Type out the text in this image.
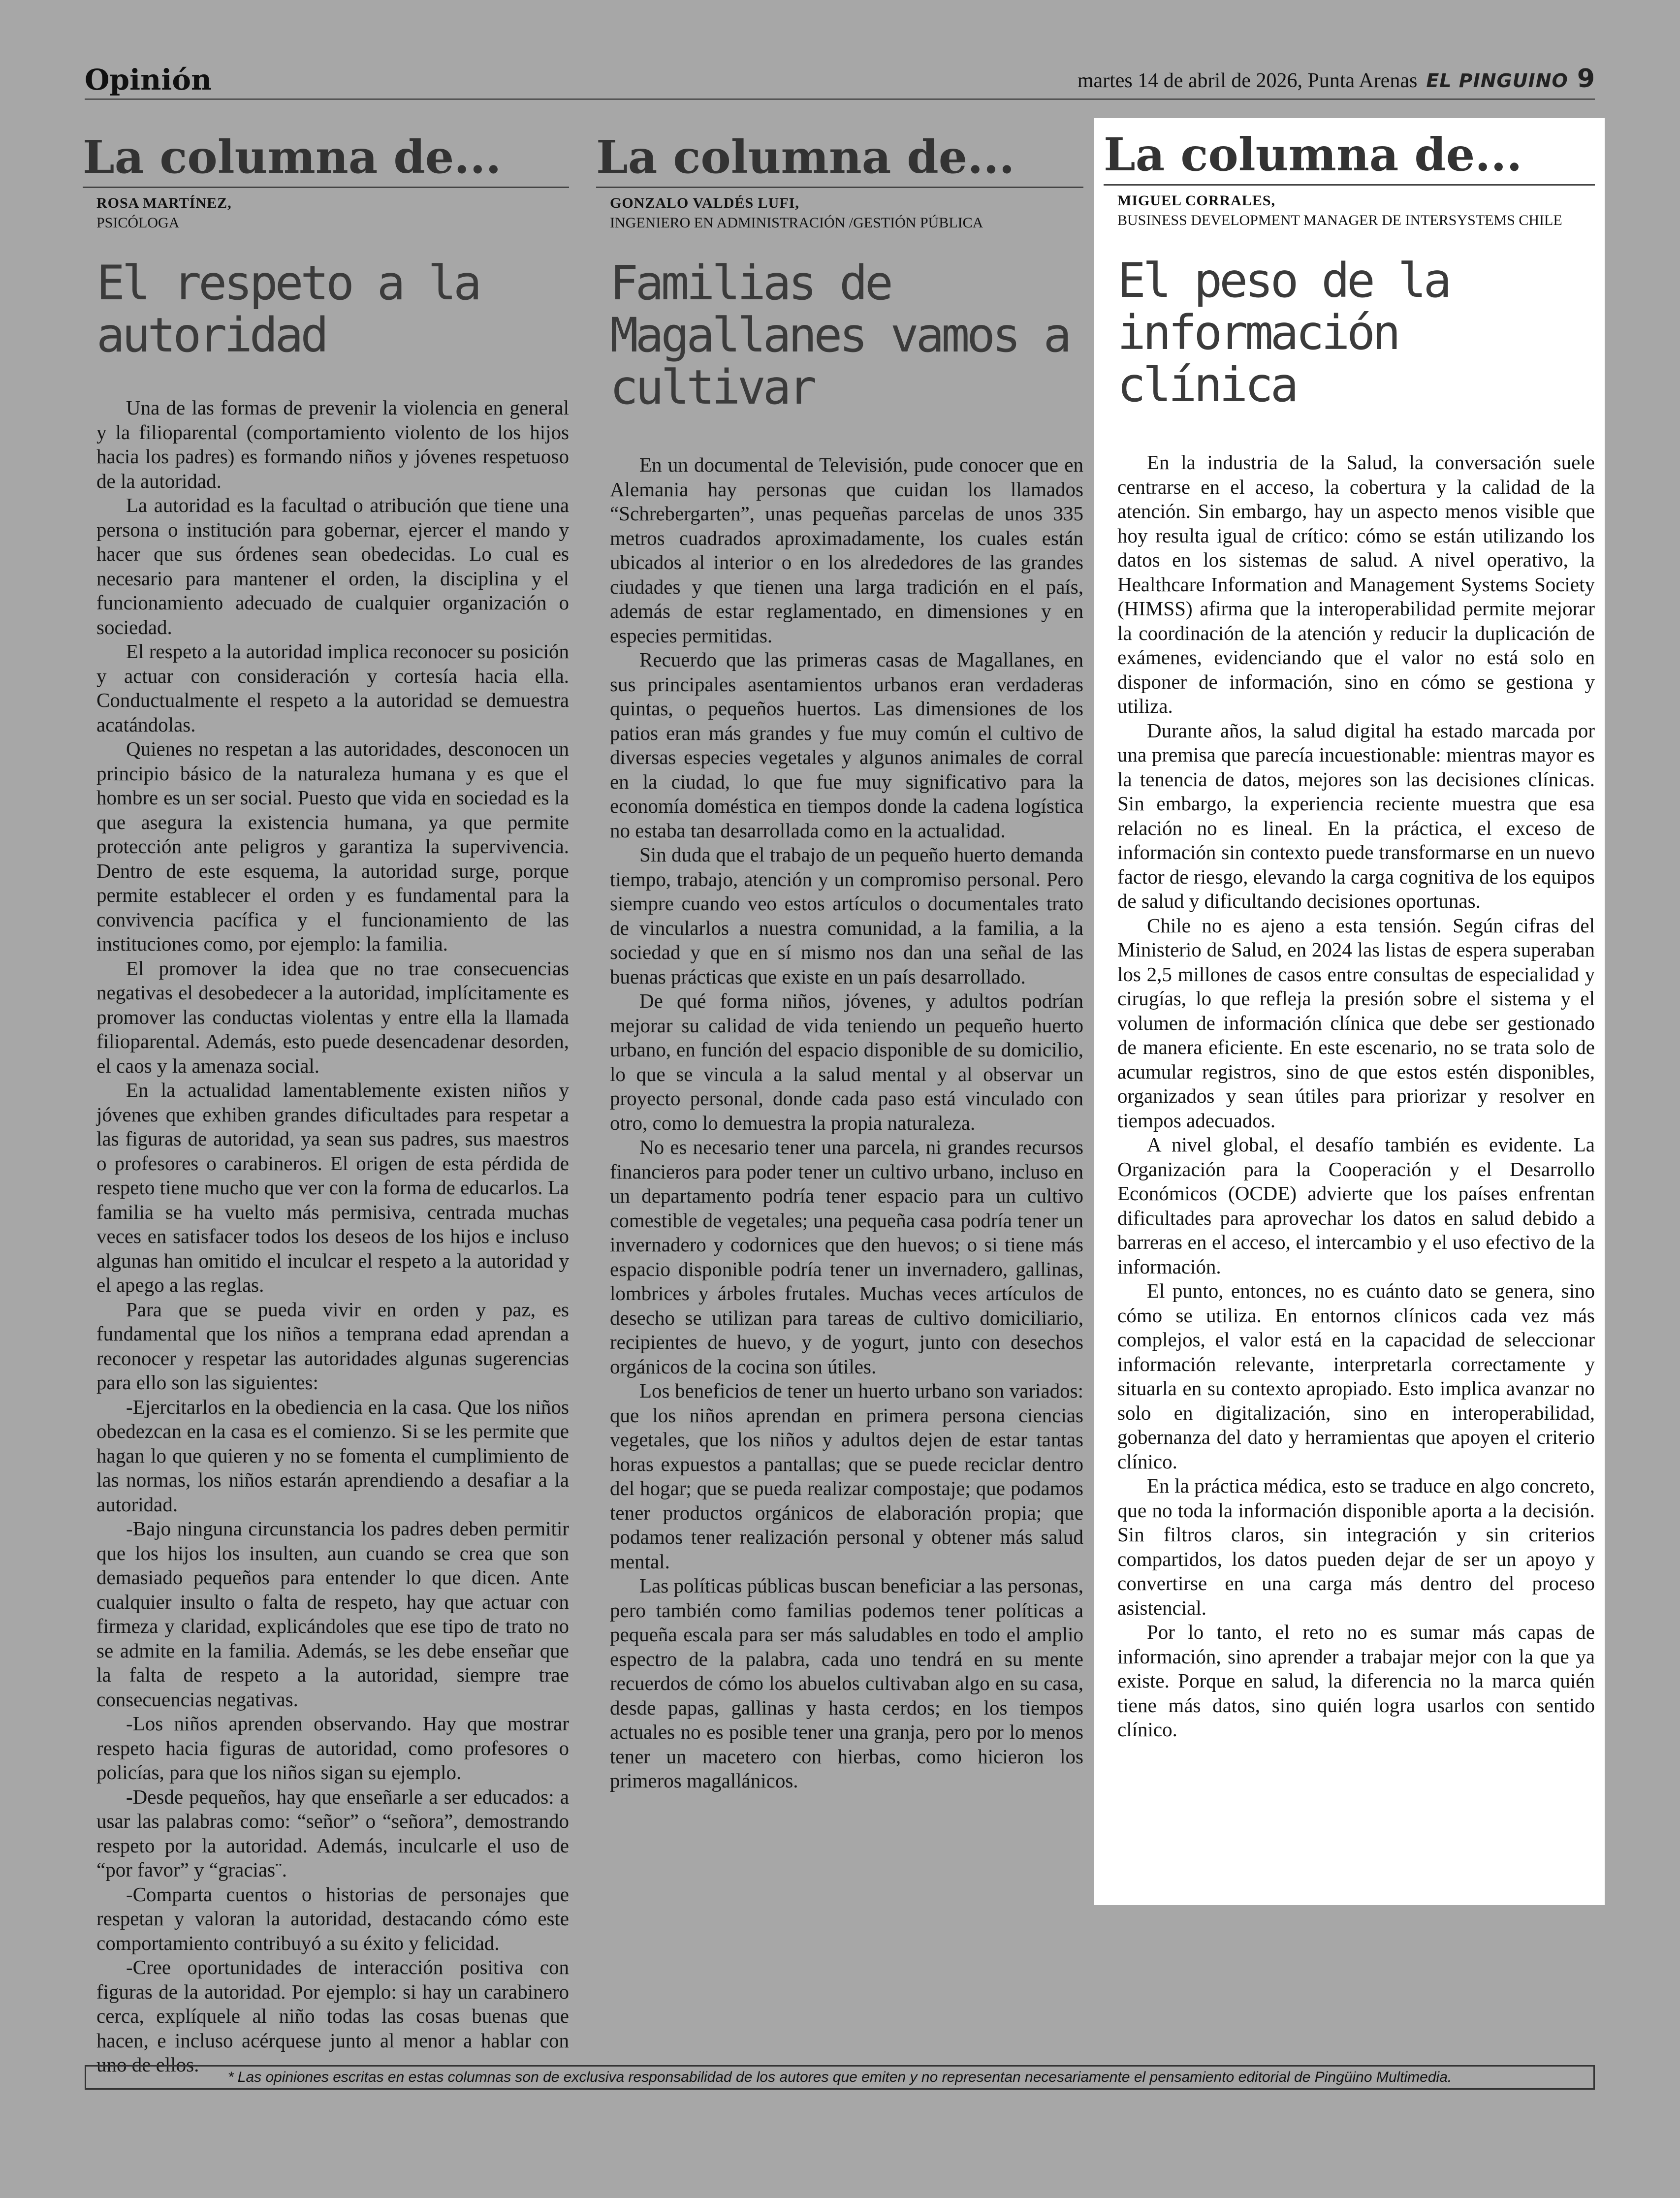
Opinión	martes 14 de abril de 2026, Punta Arenas EL PINGUINO 9
La columna de...
ROSA MARTÍNEZ,
PSICÓLOGA
El respeto a la autoridad

Una de las formas de prevenir la violencia en general y la filioparental (comportamiento violento de los hijos hacia los padres) es formando niños y jóvenes respetuoso de la autoridad.

La autoridad es la facultad o atribución que tiene una persona o institución para gobernar, ejercer el mando y hacer que sus órdenes sean obedecidas. Lo cual es necesario para mantener el orden, la disciplina y el funcionamiento adecuado de cualquier organización o sociedad.

El respeto a la autoridad implica reconocer su posición y actuar con consideración y cortesía hacia ella. Conductualmente el respeto a la autoridad se demuestra acatándolas.

Quienes no respetan a las autoridades, desconocen un principio básico de la naturaleza humana y es que el hombre es un ser social. Puesto que vida en sociedad es la que asegura la existencia humana, ya que permite protección ante peligros y garantiza la supervivencia. Dentro de este esquema, la autoridad surge, porque permite establecer el orden y es fundamental para la convivencia pacífica y el funcionamiento de las instituciones como, por ejemplo: la familia.

El promover la idea que no trae consecuencias negativas el desobedecer a la autoridad, implícitamente es promover las conductas violentas y entre ella la llamada filioparental. Además, esto puede desencadenar desorden, el caos y la amenaza social.

En la actualidad lamentablemente existen niños y jóvenes que exhiben grandes dificultades para respetar a las figuras de autoridad, ya sean sus padres, sus maestros o profesores o carabineros. El origen de esta pérdida de respeto tiene mucho que ver con la forma de educarlos. La familia se ha vuelto más permisiva, centrada muchas veces en satisfacer todos los deseos de los hijos e incluso algunas han omitido el inculcar el respeto a la autoridad y el apego a las reglas.

Para que se pueda vivir en orden y paz, es fundamental que los niños a temprana edad aprendan a reconocer y respetar las autoridades algunas sugerencias para ello son las siguientes:

-Ejercitarlos en la obediencia en la casa. Que los niños obedezcan en la casa es el comienzo. Si se les permite que hagan lo que quieren y no se fomenta el cumplimiento de las normas, los niños estarán aprendiendo a desafiar a la autoridad.

-Bajo ninguna circunstancia los padres deben permitir que los hijos los insulten, aun cuando se crea que son demasiado pequeños para entender lo que dicen. Ante cualquier insulto o falta de respeto, hay que actuar con firmeza y claridad, explicándoles que ese tipo de trato no se admite en la familia. Además, se les debe enseñar que la falta de respeto a la autoridad, siempre trae consecuencias negativas.

-Los niños aprenden observando. Hay que mostrar respeto hacia figuras de autoridad, como profesores o policías, para que los niños sigan su ejemplo.

-Desde pequeños, hay que enseñarle a ser educados: a usar las palabras como: “señor” o “señora”, demostrando respeto por la autoridad. Además, inculcarle el uso de “por favor” y “gracias¨.

-Comparta cuentos o historias de personajes que respetan y valoran la autoridad, destacando cómo este comportamiento contribuyó a su éxito y felicidad.

-Cree oportunidades de interacción positiva con figuras de la autoridad. Por ejemplo: si hay un carabinero cerca, explíquele al niño todas las cosas buenas que hacen, e incluso acérquese junto al menor a hablar con uno de ellos.

La columna de...
GONZALO VALDÉS LUFI,
INGENIERO EN ADMINISTRACIÓN /GESTIÓN PÚBLICA
Familias de Magallanes vamos a cultivar

En un documental de Televisión, pude conocer que en Alemania hay personas que cuidan los llamados “Schrebergarten”, unas pequeñas parcelas de unos 335 metros cuadrados aproximadamente, los cuales están ubicados al interior o en los alrededores de las grandes ciudades y que tienen una larga tradición en el país, además de estar reglamentado, en dimensiones y en especies permitidas.

Recuerdo que las primeras casas de Magallanes, en sus principales asentamientos urbanos eran verdaderas quintas, o pequeños huertos. Las dimensiones de los patios eran más grandes y fue muy común el cultivo de diversas especies vegetales y algunos animales de corral en la ciudad, lo que fue muy significativo para la economía doméstica en tiempos donde la cadena logística no estaba tan desarrollada como en la actualidad.

Sin duda que el trabajo de un pequeño huerto demanda tiempo, trabajo, atención y un compromiso personal. Pero siempre cuando veo estos artículos o documentales trato de vincularlos a nuestra comunidad, a la familia, a la sociedad y que en sí mismo nos dan una señal de las buenas prácticas que existe en un país desarrollado.

De qué forma niños, jóvenes, y adultos podrían mejorar su calidad de vida teniendo un pequeño huerto urbano, en función del espacio disponible de su domicilio, lo que se vincula a la salud mental y al observar un proyecto personal, donde cada paso está vinculado con otro, como lo demuestra la propia naturaleza.

No es necesario tener una parcela, ni grandes recursos financieros para poder tener un cultivo urbano, incluso en un departamento podría tener espacio para un cultivo comestible de vegetales; una pequeña casa podría tener un invernadero y codornices que den huevos; o si tiene más espacio disponible podría tener un invernadero, gallinas, lombrices y árboles frutales. Muchas veces artículos de desecho se utilizan para tareas de cultivo domiciliario, recipientes de huevo, y de yogurt, junto con desechos orgánicos de la cocina son útiles.

Los beneficios de tener un huerto urbano son variados: que los niños aprendan en primera persona ciencias vegetales, que los niños y adultos dejen de estar tantas horas expuestos a pantallas; que se puede reciclar dentro del hogar; que se pueda realizar compostaje; que podamos tener productos orgánicos de elaboración propia; que podamos tener realización personal y obtener más salud mental.

Las políticas públicas buscan beneficiar a las personas, pero también como familias podemos tener políticas a pequeña escala para ser más saludables en todo el amplio espectro de la palabra, cada uno tendrá en su mente recuerdos de cómo los abuelos cultivaban algo en su casa, desde papas, gallinas y hasta cerdos; en los tiempos actuales no es posible tener una granja, pero por lo menos tener un macetero con hierbas, como hicieron los primeros magallánicos.

La columna de...
MIGUEL CORRALES,
BUSINESS DEVELOPMENT MANAGER DE INTERSYSTEMS CHILE
El peso de la información clínica

En la industria de la Salud, la conversación suele centrarse en el acceso, la cobertura y la calidad de la atención. Sin embargo, hay un aspecto menos visible que hoy resulta igual de crítico: cómo se están utilizando los datos en los sistemas de salud. A nivel operativo, la Healthcare Information and Management Systems Society (HIMSS) afirma que la interoperabilidad permite mejorar la coordinación de la atención y reducir la duplicación de exámenes, evidenciando que el valor no está solo en disponer de información, sino en cómo se gestiona y utiliza.

Durante años, la salud digital ha estado marcada por una premisa que parecía incuestionable: mientras mayor es la tenencia de datos, mejores son las decisiones clínicas. Sin embargo, la experiencia reciente muestra que esa relación no es lineal. En la práctica, el exceso de información sin contexto puede transformarse en un nuevo factor de riesgo, elevando la carga cognitiva de los equipos de salud y dificultando decisiones oportunas.

Chile no es ajeno a esta tensión. Según cifras del Ministerio de Salud, en 2024 las listas de espera superaban los 2,5 millones de casos entre consultas de especialidad y cirugías, lo que refleja la presión sobre el sistema y el volumen de información clínica que debe ser gestionado de manera eficiente. En este escenario, no se trata solo de acumular registros, sino de que estos estén disponibles, organizados y sean útiles para priorizar y resolver en tiempos adecuados.

A nivel global, el desafío también es evidente. La Organización para la Cooperación y el Desarrollo Económicos (OCDE) advierte que los países enfrentan dificultades para aprovechar los datos en salud debido a barreras en el acceso, el intercambio y el uso efectivo de la información.

El punto, entonces, no es cuánto dato se genera, sino cómo se utiliza. En entornos clínicos cada vez más complejos, el valor está en la capacidad de seleccionar información relevante, interpretarla correctamente y situarla en su contexto apropiado. Esto implica avanzar no solo en digitalización, sino en interoperabilidad, gobernanza del dato y herramientas que apoyen el criterio clínico.

En la práctica médica, esto se traduce en algo concreto, que no toda la información disponible aporta a la decisión. Sin filtros claros, sin integración y sin criterios compartidos, los datos pueden dejar de ser un apoyo y convertirse en una carga más dentro del proceso asistencial.

Por lo tanto, el reto no es sumar más capas de información, sino aprender a trabajar mejor con la que ya existe. Porque en salud, la diferencia no la marca quién tiene más datos, sino quién logra usarlos con sentido clínico.

* Las opiniones escritas en estas columnas son de exclusiva responsabilidad de los autores que emiten y no representan necesariamente el pensamiento editorial de Pingüino Multimedia.
